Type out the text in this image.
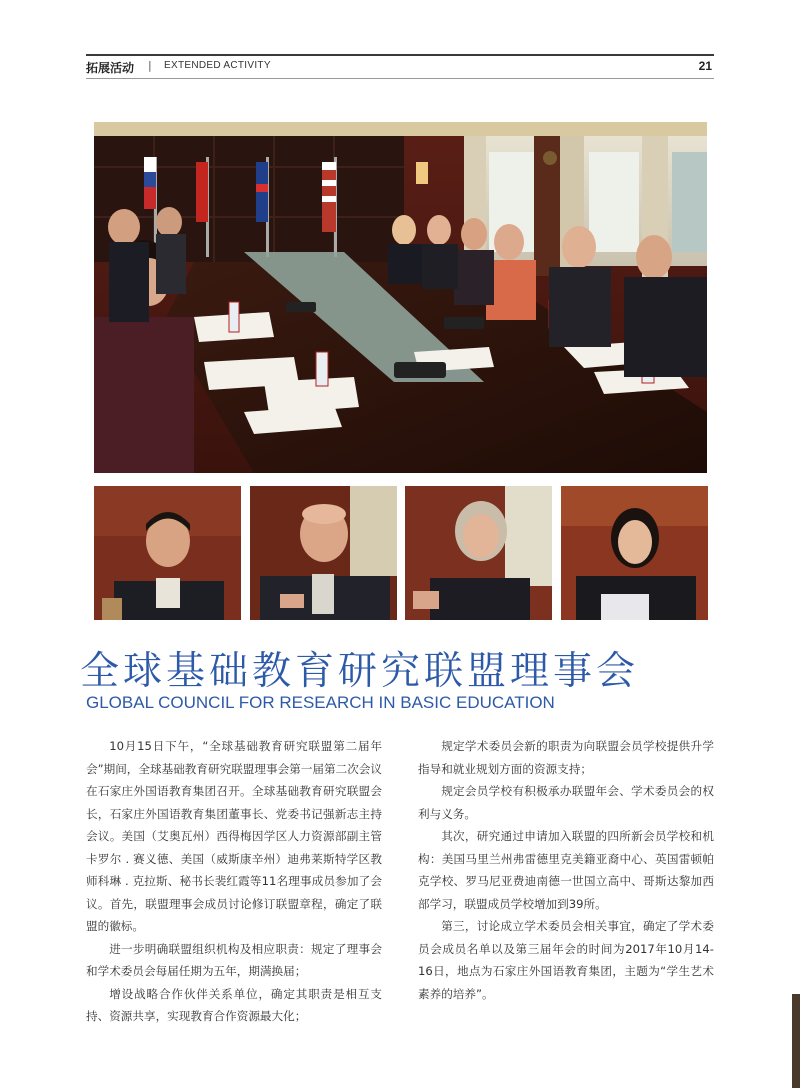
拓展活动 | EXTENDED ACTIVITY	21
全球基础教育研究联盟理事会
GLOBAL COUNCIL FOR RESEARCH IN BASIC EDUCATION

10月15日下午，“全球基础教育研究联盟第二届年会”期间，全球基础教育研究联盟理事会第一届第二次会议在石家庄外国语教育集团召开。全球基础教育研究联盟会长，石家庄外国语教育集团董事长、党委书记强新志主持会议。美国（艾奥瓦州）西得梅因学区人力资源部副主管卡罗尔 . 赛义德、美国（威斯康辛州）迪弗莱斯特学区教师科琳 . 克拉斯、秘书长裴红霞等11名理事成员参加了会议。首先，联盟理事会成员讨论修订联盟章程，确定了联盟的徽标。

进一步明确联盟组织机构及相应职责：规定了理事会和学术委员会每届任期为五年，期满换届；

增设战略合作伙伴关系单位，确定其职责是相互支持、资源共享，实现教育合作资源最大化；

规定学术委员会新的职责为向联盟会员学校提供升学指导和就业规划方面的资源支持；

规定会员学校有积极承办联盟年会、学术委员会的权利与义务。

其次，研究通过申请加入联盟的四所新会员学校和机构：美国马里兰州弗雷德里克美籍亚裔中心、英国雷顿帕克学校、罗马尼亚费迪南德一世国立高中、哥斯达黎加西部学习，联盟成员学校增加到39所。

第三，讨论成立学术委员会相关事宜，确定了学术委员会成员名单以及第三届年会的时间为2017年10月14-16日，地点为石家庄外国语教育集团，主题为“学生艺术素养的培养”。
